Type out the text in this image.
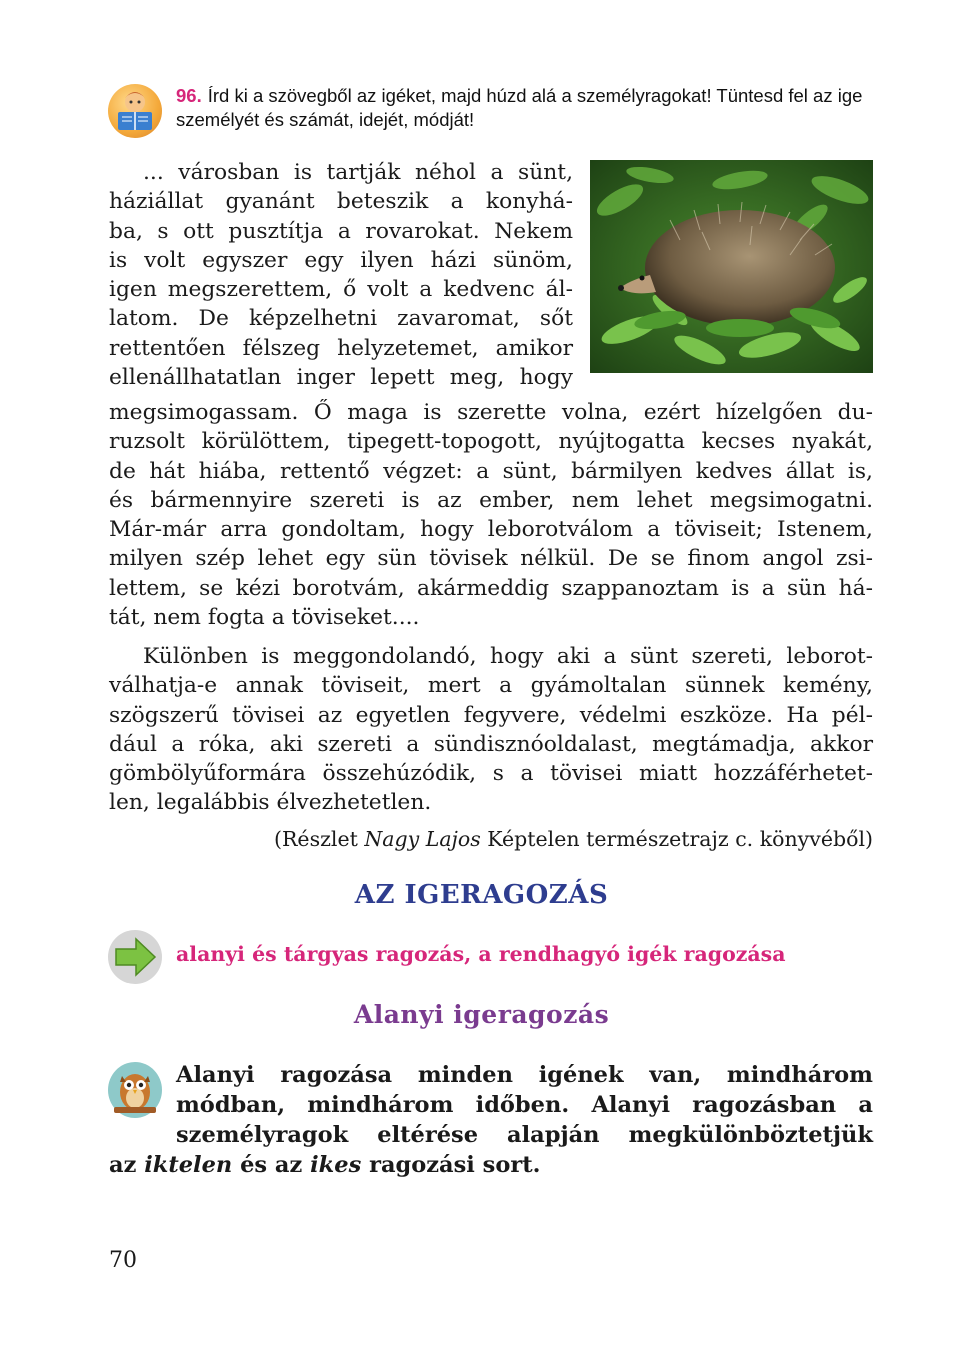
96. Írd ki a szövegből az igéket, majd húzd alá a személyragokat! Tüntesd fel az ige személyét és számát, idejét, módját!
... városban is tartják néhol a sünt,
háziállat gyanánt beteszik a konyhá-
ba, s ott pusztítja a rovarokat. Nekem
is volt egyszer egy ilyen házi sünöm,
igen megszerettem, ő volt a kedvenc ál-
latom. De képzelhetni zavaromat, sőt
rettentően félszeg helyzetemet, amikor
ellenállhatatlan inger lepett meg, hogy
megsimogassam. Ő maga is szerette volna, ezért hízelgően du-
ruzsolt körülöttem, tipegett-topogott, nyújtogatta kecses nyakát,
de hát hiába, rettentő végzet: a sünt, bármilyen kedves állat is,
és bármennyire szereti is az ember, nem lehet megsimogatni.
Már-már arra gondoltam, hogy leborotválom a töviseit; Istenem,
milyen szép lehet egy sün tövisek nélkül. De se finom angol zsi-
lettem, se kézi borotvám, akármeddig szappanoztam is a sün há-
tát, nem fogta a töviseket....
Különben is meggondolandó, hogy aki a sünt szereti, leborot-
válhatja-e annak töviseit, mert a gyámoltalan sünnek kemény,
szögszerű tövisei az egyetlen fegyvere, védelmi eszköze. Ha pél-
dául a róka, aki szereti a sündisznóoldalast, megtámadja, akkor
gömbölyűformára összehúzódik, s a tövisei miatt hozzáférhetet-
len, legalábbis élvezhetetlen.
(Részlet Nagy Lajos Képtelen természetrajz c. könyvéből)
AZ IGERAGOZÁS
alanyi és tárgyas ragozás, a rendhagyó igék ragozása
Alanyi igeragozás
Alanyi ragozása minden igének van, mindhárom
módban, mindhárom időben. Alanyi ragozásban a
személyragok eltérése alapján megkülönböztetjük
az iktelen és az ikes ragozási sort.
70
